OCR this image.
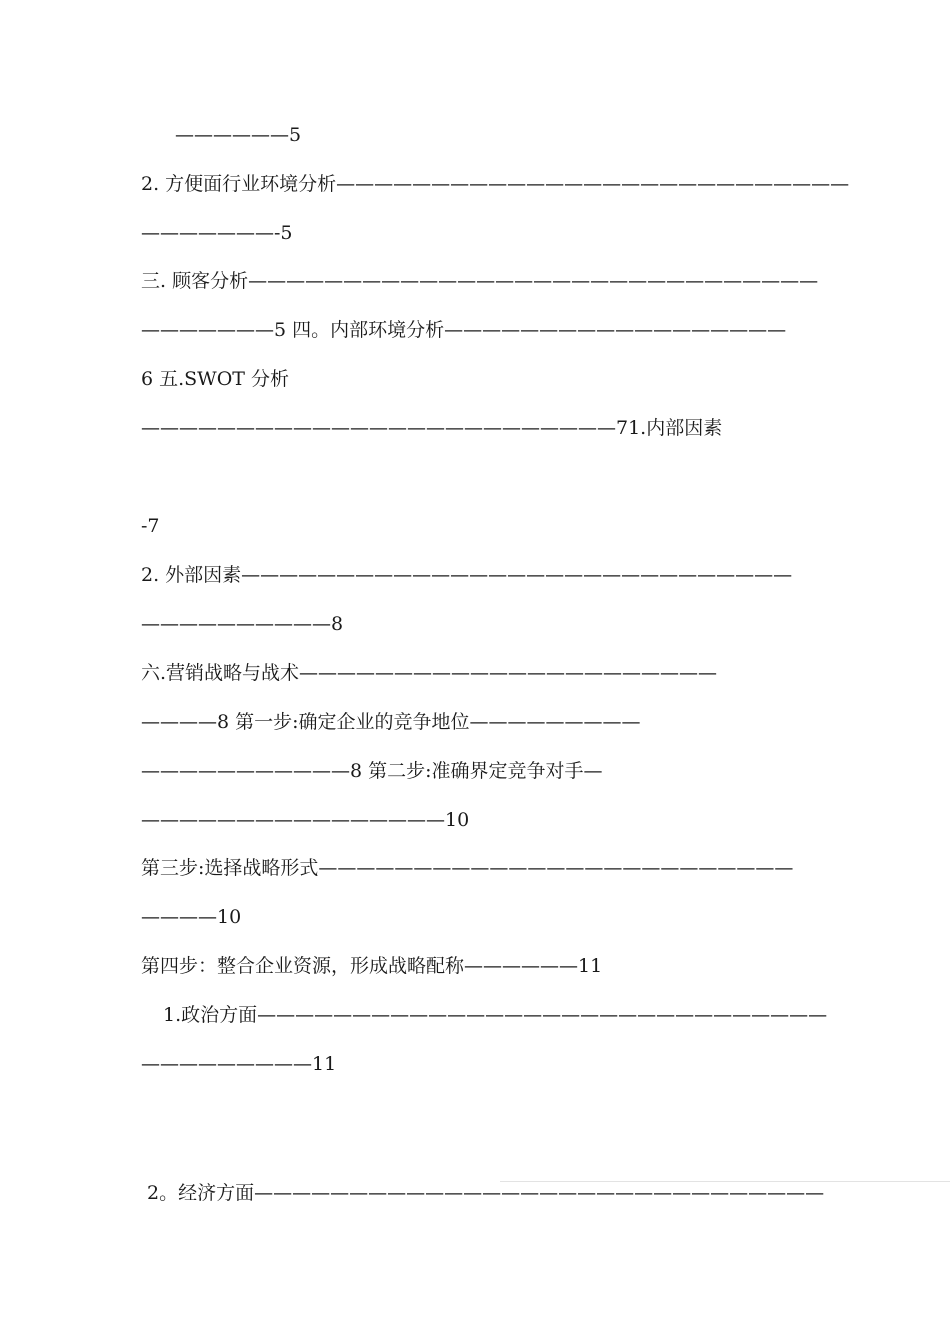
——————5
2. 方便面行业环境分析———————————————————————————
———————-5
三. 顾客分析——————————————————————————————
———————5 四。内部环境分析——————————————————
6 五.SWOT 分析
—————————————————————————71.内部因素
-7
2. 外部因素—————————————————————————————
——————————8
六.营销战略与战术——————————————————————
————8 第一步:确定企业的竞争地位—————————
———————————8 第二步:准确界定竞争对手—
————————————————10
第三步:选择战略形式—————————————————————————
————10
第四步：整合企业资源，形成战略配称——————11
1.政治方面——————————————————————————————
—————————11
2。经济方面——————————————————————————————
